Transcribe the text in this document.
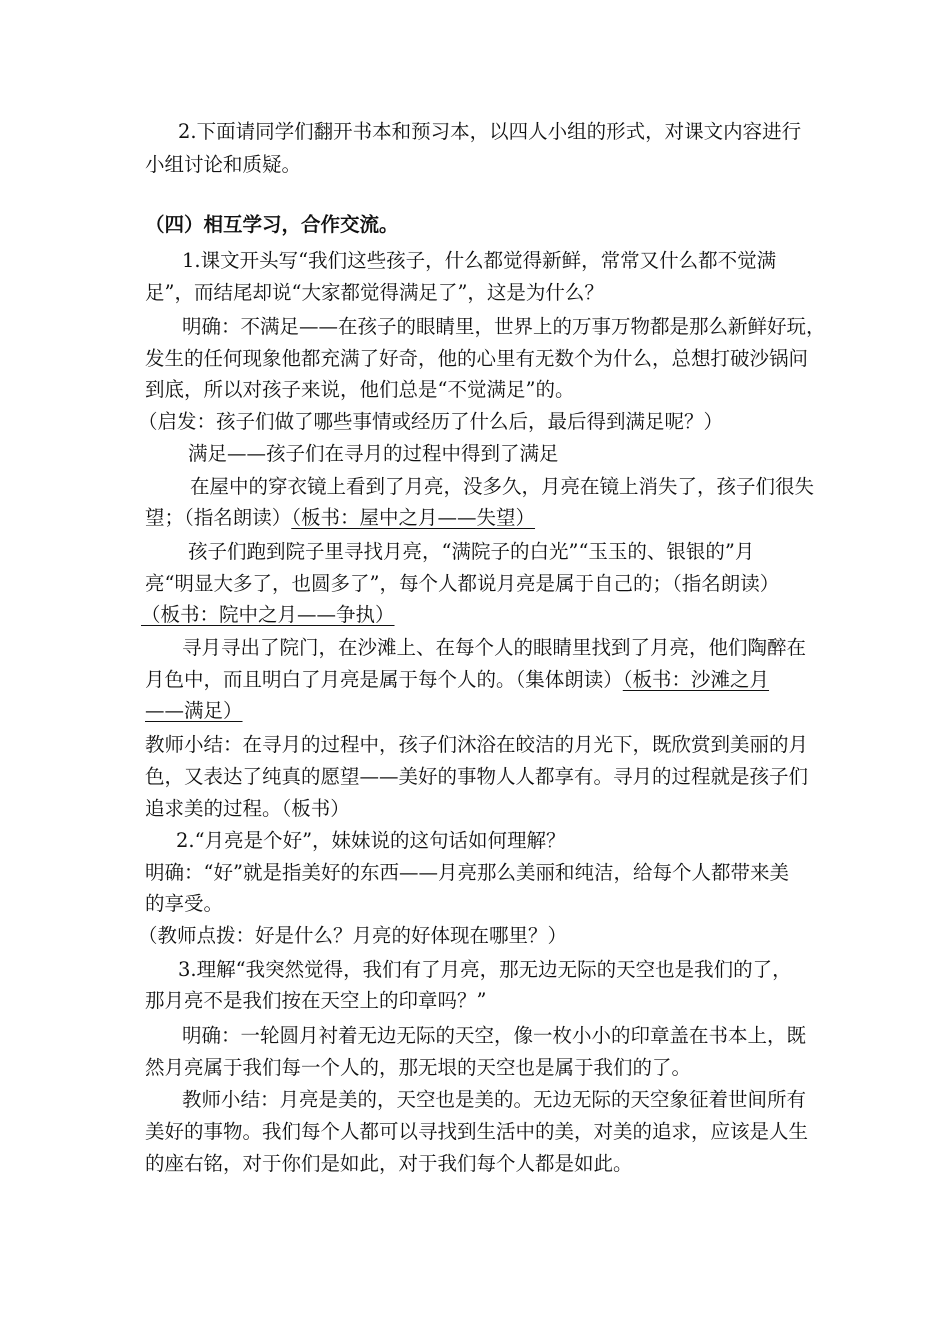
2.下面请同学们翻开书本和预习本，以四人小组的形式，对课文内容进行
小组讨论和质疑。
（四）相互学习，合作交流。
1.课文开头写“我们这些孩子，什么都觉得新鲜，常常又什么都不觉满
足”，而结尾却说“大家都觉得满足了”，这是为什么？
明确：不满足——在孩子的眼睛里，世界上的万事万物都是那么新鲜好玩，
发生的任何现象他都充满了好奇，他的心里有无数个为什么，总想打破沙锅问
到底，所以对孩子来说，他们总是“不觉满足”的。
（启发：孩子们做了哪些事情或经历了什么后，最后得到满足呢？）
满足——孩子们在寻月的过程中得到了满足
在屋中的穿衣镜上看到了月亮，没多久，月亮在镜上消失了，孩子们很失
望；（指名朗读）（板书：屋中之月——失望）
孩子们跑到院子里寻找月亮，“满院子的白光”“玉玉的、银银的”月
亮“明显大多了，也圆多了”，每个人都说月亮是属于自己的；（指名朗读）
（板书：院中之月——争执）
寻月寻出了院门，在沙滩上、在每个人的眼睛里找到了月亮，他们陶醉在
月色中，而且明白了月亮是属于每个人的。（集体朗读）（板书：沙滩之月
——满足）
教师小结：在寻月的过程中，孩子们沐浴在皎洁的月光下，既欣赏到美丽的月
色，又表达了纯真的愿望——美好的事物人人都享有。寻月的过程就是孩子们
追求美的过程。（板书）
2.“月亮是个好”，妹妹说的这句话如何理解？
明确：“好”就是指美好的东西——月亮那么美丽和纯洁，给每个人都带来美
的享受。
（教师点拨：好是什么？月亮的好体现在哪里？）
3.理解“我突然觉得，我们有了月亮，那无边无际的天空也是我们的了，
那月亮不是我们按在天空上的印章吗？”
明确：一轮圆月衬着无边无际的天空，像一枚小小的印章盖在书本上，既
然月亮属于我们每一个人的，那无垠的天空也是属于我们的了。
教师小结：月亮是美的，天空也是美的。无边无际的天空象征着世间所有
美好的事物。我们每个人都可以寻找到生活中的美，对美的追求，应该是人生
的座右铭，对于你们是如此，对于我们每个人都是如此。
